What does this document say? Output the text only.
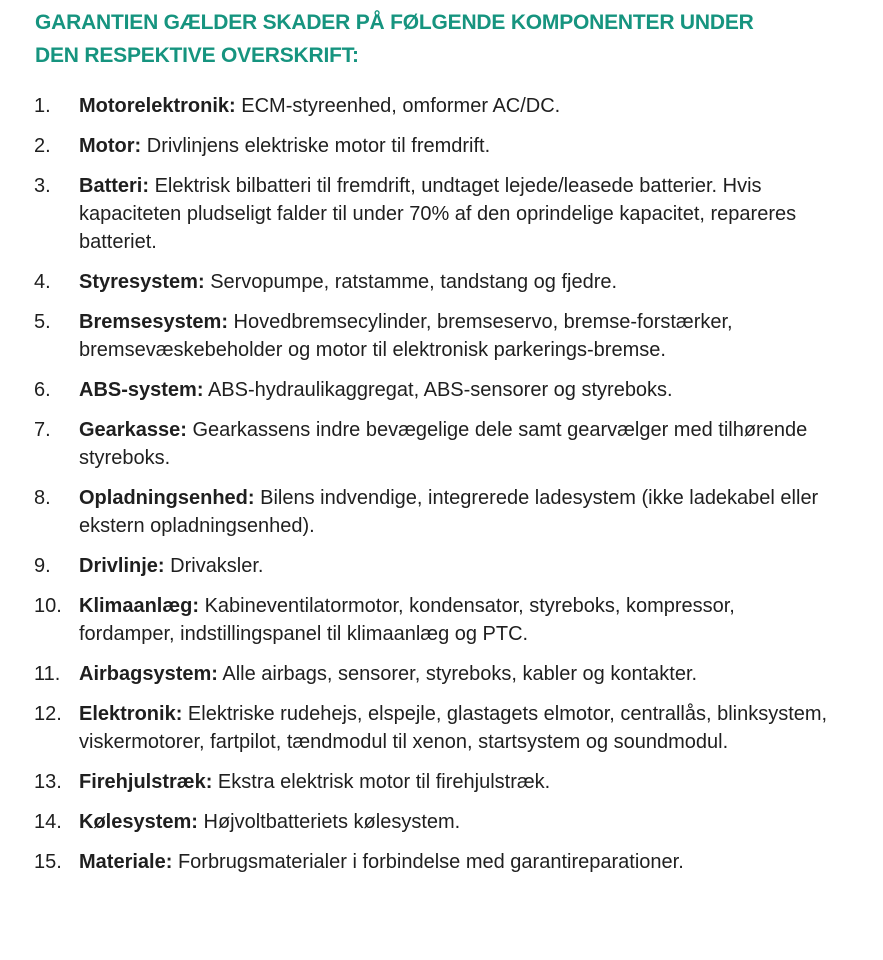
GARANTIEN GÆLDER SKADER PÅ FØLGENDE KOMPONENTER UNDER
DEN RESPEKTIVE OVERSKRIFT:
1.	Motorelektronik: ECM-styreenhed, omformer AC/DC.
2.	Motor: Drivlinjens elektriske motor til fremdrift.
3.	Batteri: Elektrisk bilbatteri til fremdrift, undtaget lejede/leasede batterier. Hvis kapaciteten pludseligt falder til under 70% af den oprindelige kapacitet, repareres batteriet.
4.	Styresystem: Servopumpe, ratstamme, tandstang og fjedre.
5.	Bremsesystem: Hovedbremsecylinder, bremseservo, bremse-forstærker, bremsevæskebeholder og motor til elektronisk parkerings-bremse.
6.	ABS-system: ABS-hydraulikaggregat, ABS-sensorer og styreboks.
7.	Gearkasse: Gearkassens indre bevægelige dele samt gearvælger med tilhørende styreboks.
8.	Opladningsenhed: Bilens indvendige, integrerede ladesystem (ikke ladekabel eller ekstern opladningsenhed).
9.	Drivlinje: Drivaksler.
10. Klimaanlæg: Kabineventilatormotor, kondensator, styreboks, kompressor, fordamper, indstillingspanel til klimaanlæg og PTC.
11. Airbagsystem: Alle airbags, sensorer, styreboks, kabler og kontakter.
12. Elektronik: Elektriske rudehejs, elspejle, glastagets elmotor, centrallås, blinksystem, viskermotorer, fartpilot, tændmodul til xenon, startsystem og soundmodul.
13. Firehjulstræk: Ekstra elektrisk motor til firehjulstræk.
14. Kølesystem: Højvoltbatteriets kølesystem.
15. Materiale: Forbrugsmaterialer i forbindelse med garantireparationer.
